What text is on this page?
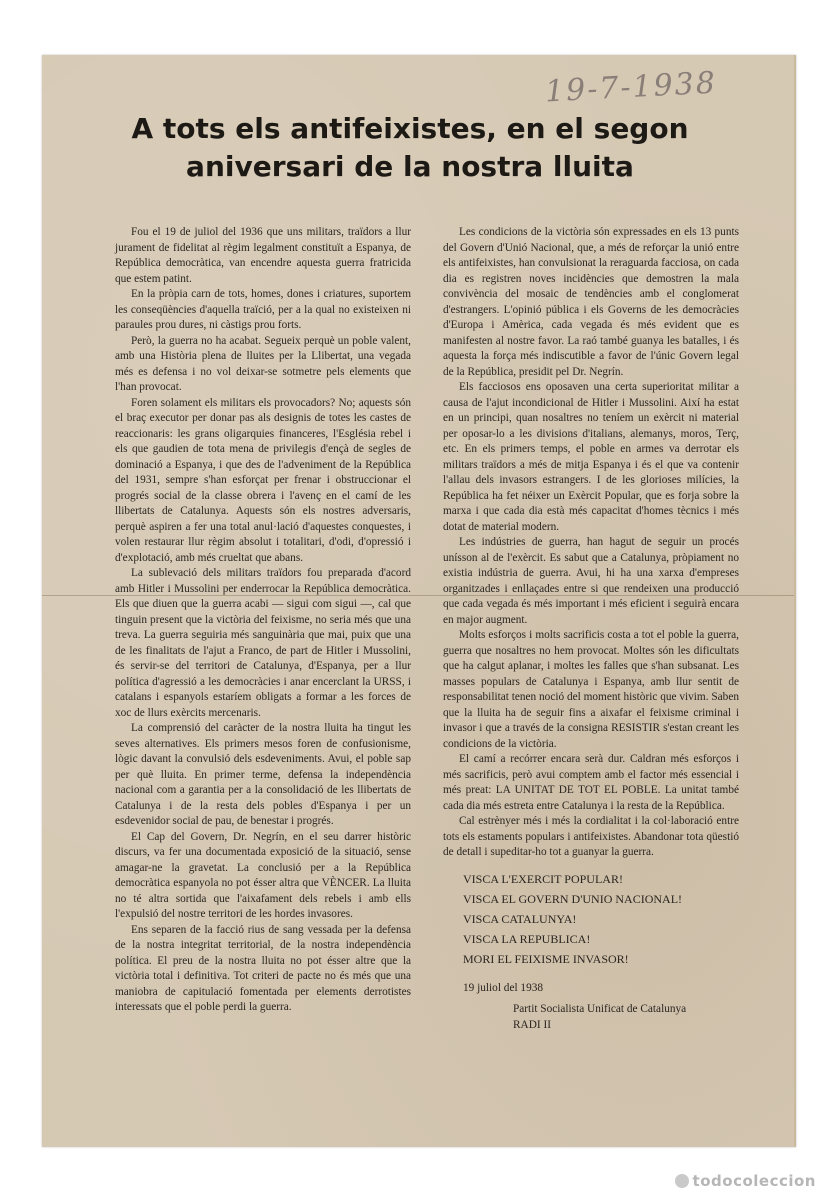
19-7-1938
A tots els antifeixistes, en el segon
aniversari de la nostra lluita

Fou el 19 de juliol del 1936 que uns militars, traïdors a llur jurament de fidelitat al règim legalment constituït a Espanya, de República democràtica, van encendre aquesta guerra fratricida que estem patint.

En la pròpia carn de tots, homes, dones i criatures, suportem les conseqüències d'aquella traïció, per a la qual no existeixen ni paraules prou dures, ni càstigs prou forts.

Però, la guerra no ha acabat. Segueix perquè un poble valent, amb una Història plena de lluites per la Llibertat, una vegada més es defensa i no vol deixar-se sotmetre pels elements que l'han provocat.

Foren solament els militars els provocadors? No; aquests són el braç executor per donar pas als designis de totes les castes de reaccionaris: les grans oligarquies financeres, l'Església rebel i els que gaudien de tota mena de privilegis d'ençà de segles de dominació a Espanya, i que des de l'adveniment de la República del 1931, sempre s'han esforçat per frenar i obstruccionar el progrés social de la classe obrera i l'avenç en el camí de les llibertats de Catalunya. Aquests són els nostres adversaris, perquè aspiren a fer una total anul·lació d'aquestes conquestes, i volen restaurar llur règim absolut i totalitari, d'odi, d'opressió i d'explotació, amb més crueltat que abans.

La sublevació dels militars traïdors fou preparada d'acord amb Hitler i Mussolini per enderrocar la República democràtica. Els que diuen que la guerra acabi — sigui com sigui —, cal que tinguin present que la victòria del feixisme, no seria més que una treva. La guerra seguiria més sanguinària que mai, puix que una de les finalitats de l'ajut a Franco, de part de Hitler i Mussolini, és servir-se del territori de Catalunya, d'Espanya, per a llur política d'agressió a les democràcies i anar encerclant la URSS, i catalans i espanyols estaríem obligats a formar a les forces de xoc de llurs exèrcits mercenaris.

La comprensió del caràcter de la nostra lluita ha tingut les seves alternatives. Els primers mesos foren de confusionisme, lògic davant la convulsió dels esdeveniments. Avui, el poble sap per què lluita. En primer terme, defensa la independència nacional com a garantia per a la consolidació de les llibertats de Catalunya i de la resta dels pobles d'Espanya i per un esdevenidor social de pau, de benestar i progrés.

El Cap del Govern, Dr. Negrín, en el seu darrer històric discurs, va fer una documentada exposició de la situació, sense amagar-ne la gravetat. La conclusió per a la República democràtica espanyola no pot ésser altra que VÈNCER. La lluita no té altra sortida que l'aixafament dels rebels i amb ells l'expulsió del nostre territori de les hordes invasores.

Ens separen de la facció rius de sang vessada per la defensa de la nostra integritat territorial, de la nostra independència política. El preu de la nostra lluita no pot ésser altre que la victòria total i definitiva. Tot criteri de pacte no és més que una maniobra de capitulació fomentada per elements derrotistes interessats que el poble perdi la guerra.

Les condicions de la victòria són expressades en els 13 punts del Govern d'Unió Nacional, que, a més de reforçar la unió entre els antifeixistes, han convulsionat la reraguarda facciosa, on cada dia es registren noves incidències que demostren la mala convivència del mosaic de tendències amb el conglomerat d'estrangers. L'opinió pública i els Governs de les democràcies d'Europa i Amèrica, cada vegada és més evident que es manifesten al nostre favor. La raó també guanya les batalles, i és aquesta la força més indiscutible a favor de l'únic Govern legal de la República, presidit pel Dr. Negrín.

Els facciosos ens oposaven una certa superioritat militar a causa de l'ajut incondicional de Hitler i Mussolini. Així ha estat en un principi, quan nosaltres no teníem un exèrcit ni material per oposar-lo a les divisions d'italians, alemanys, moros, Terç, etc. En els primers temps, el poble en armes va derrotar els militars traïdors a més de mitja Espanya i és el que va contenir l'allau dels invasors estrangers. I de les glorioses milícies, la República ha fet néixer un Exèrcit Popular, que es forja sobre la marxa i que cada dia està més capacitat d'homes tècnics i més dotat de material modern.

Les indústries de guerra, han hagut de seguir un procés unísson al de l'exèrcit. Es sabut que a Catalunya, pròpiament no existia indústria de guerra. Avui, hi ha una xarxa d'empreses organitzades i enllaçades entre si que rendeixen una producció que cada vegada és més important i més eficient i seguirà encara en major augment.

Molts esforços i molts sacrificis costa a tot el poble la guerra, guerra que nosaltres no hem provocat. Moltes són les dificultats que ha calgut aplanar, i moltes les falles que s'han subsanat. Les masses populars de Catalunya i Espanya, amb llur sentit de responsabilitat tenen noció del moment històric que vivim. Saben que la lluita ha de seguir fins a aixafar el feixisme criminal i invasor i que a través de la consigna RESISTIR s'estan creant les condicions de la victòria.

El camí a recórrer encara serà dur. Caldran més esforços i més sacrificis, però avui comptem amb el factor més essencial i més preat: LA UNITAT DE TOT EL POBLE. La unitat també cada dia més estreta entre Catalunya i la resta de la República.

Cal estrènyer més i més la cordialitat i la col·laboració entre tots els estaments populars i antifeixistes. Abandonar tota qüestió de detall i supeditar-ho tot a guanyar la guerra.

VISCA L'EXERCIT POPULAR!
VISCA EL GOVERN D'UNIO NACIONAL!
VISCA CATALUNYA!
VISCA LA REPUBLICA!
MORI EL FEIXISME INVASOR!
19 juliol del 1938
Partit Socialista Unificat de Catalunya
RADI II
todocoleccion
